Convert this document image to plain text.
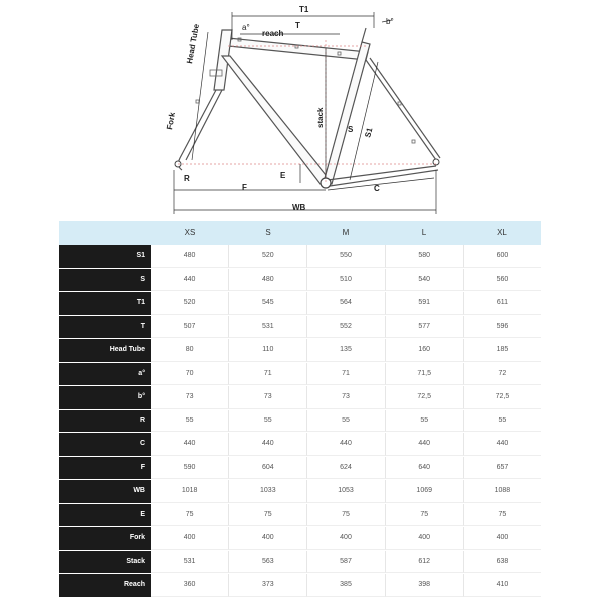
T1
T
a°
b°
reach
Head Tube
Fork	stack
S S1
E
R
F	C
WB
XS	S	M	L	XL
S1	480	520	550	580	600
S	440	480	510	540	560
T1	520	545	564	591	611
T	507	531	552	577	596
Head Tube	80	110	135	160	185
a°	70	71	71	71,5	72
b°	73	73	73	72,5	72,5
R	55	55	55	55	55
C	440	440	440	440	440
F	590	604	624	640	657
WB	1018	1033	1053	1069	1088
E	75	75	75	75	75
Fork	400	400	400	400	400
Stack	531	563	587	612	638
Reach	360	373	385	398	410
